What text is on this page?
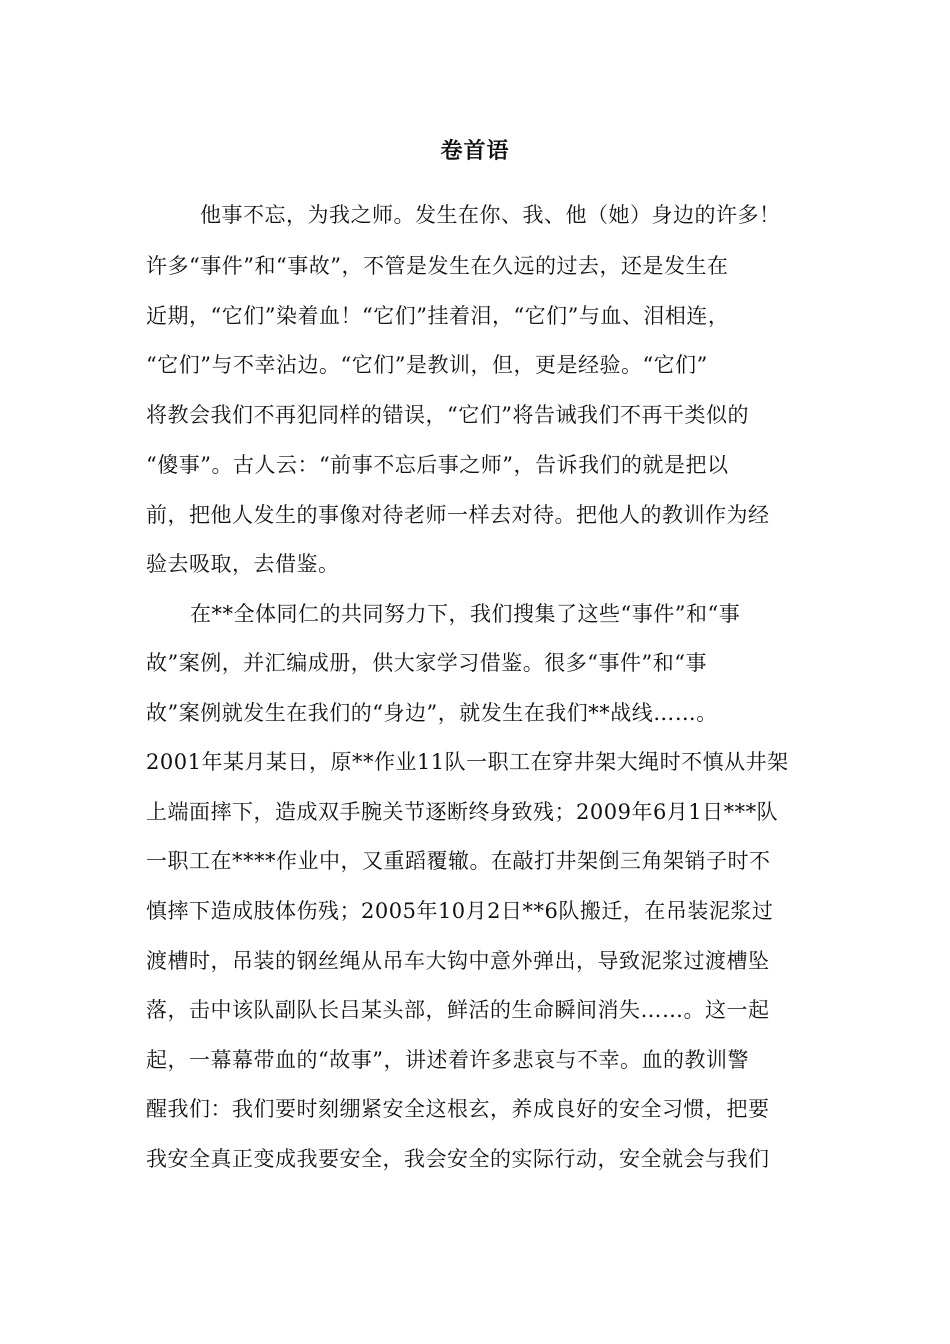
卷首语
他事不忘，为我之师。发生在你、我、他（她）身边的许多！
许多“事件”和“事故”，不管是发生在久远的过去，还是发生在
近期，“它们”染着血！“它们”挂着泪，“它们”与血、泪相连，
“它们”与不幸沾边。“它们”是教训，但，更是经验。“它们”
将教会我们不再犯同样的错误，“它们”将告诫我们不再干类似的
“傻事”。古人云：“前事不忘后事之师”，告诉我们的就是把以
前，把他人发生的事像对待老师一样去对待。把他人的教训作为经
验去吸取，去借鉴。
在**全体同仁的共同努力下，我们搜集了这些“事件”和“事
故”案例，并汇编成册，供大家学习借鉴。很多“事件”和“事
故”案例就发生在我们的“身边”，就发生在我们**战线……。
2001年某月某日，原**作业11队一职工在穿井架大绳时不慎从井架
上端面摔下，造成双手腕关节逐断终身致残；2009年6月1日***队
一职工在****作业中，又重蹈覆辙。在敲打井架倒三角架销子时不
慎摔下造成肢体伤残；2005年10月2日**6队搬迁，在吊装泥浆过
渡槽时，吊装的钢丝绳从吊车大钩中意外弹出，导致泥浆过渡槽坠
落，击中该队副队长吕某头部，鲜活的生命瞬间消失……。这一起
起，一幕幕带血的“故事”，讲述着许多悲哀与不幸。血的教训警
醒我们：我们要时刻绷紧安全这根玄，养成良好的安全习惯，把要
我安全真正变成我要安全，我会安全的实际行动，安全就会与我们
